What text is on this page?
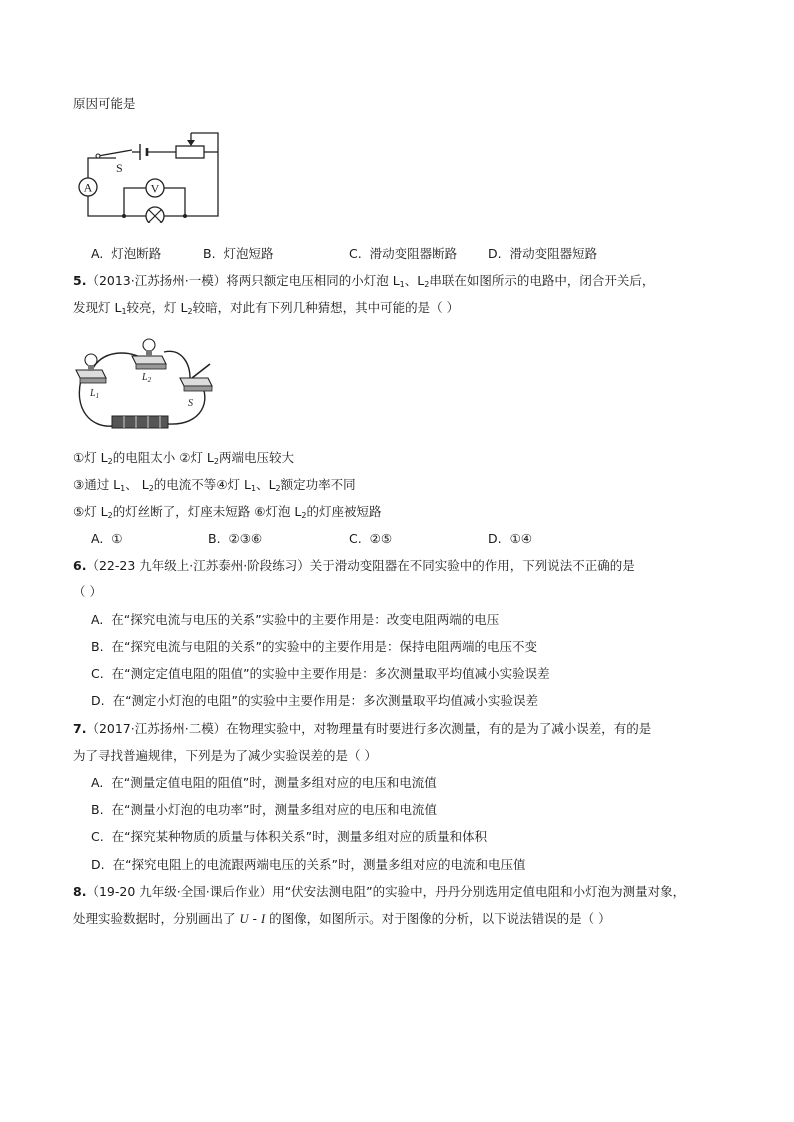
原因可能是
A
S
V
A. 灯泡断路	B. 灯泡短路	C. 滑动变阻器断路 D. 滑动变阻器短路
5.（2013·江苏扬州·一模）将两只额定电压相同的小灯泡 $L_1$、$L_2$串联在如图所示的电路中，闭合开关后，
发现灯 $L_1$较亮，灯 $L_2$较暗，对此有下列几种猜想，其中可能的是（ ）
$L_1$
$L_2$
S
①灯 $L_2$的电阻太小 ②灯 $L_2$两端电压较大
③通过 $L_1$、 $L_2$的电流不等④灯 $L_1$、$L_2$额定功率不同
⑤灯 $L_2$的灯丝断了，灯座未短路 ⑥灯泡 $L_2$的灯座被短路
A. ①	B. ②③⑥	C. ②⑤	D. ①④
6.（22-23 九年级上·江苏泰州·阶段练习）关于滑动变阻器在不同实验中的作用，下列说法不正确的是
（ ）
A. 在“探究电流与电压的关系”实验中的主要作用是：改变电阻两端的电压
B. 在“探究电流与电阻的关系”的实验中的主要作用是：保持电阻两端的电压不变
C. 在“测定定值电阻的阻值”的实验中主要作用是：多次测量取平均值减小实验误差
D. 在“测定小灯泡的电阻”的实验中主要作用是：多次测量取平均值减小实验误差
7.（2017·江苏扬州·二模）在物理实验中，对物理量有时要进行多次测量，有的是为了减小误差，有的是
为了寻找普遍规律，下列是为了减少实验误差的是（ ）
A. 在“测量定值电阻的阻值”时，测量多组对应的电压和电流值
B. 在“测量小灯泡的电功率”时，测量多组对应的电压和电流值
C. 在“探究某种物质的质量与体积关系”时，测量多组对应的质量和体积
D. 在“探究电阻上的电流跟两端电压的关系”时，测量多组对应的电流和电压值
8.（19-20 九年级·全国·课后作业）用“伏安法测电阻”的实验中，丹丹分别选用定值电阻和小灯泡为测量对象，
处理实验数据时，分别画出了 U - I 的图像，如图所示。对于图像的分析，以下说法错误的是（ ）
